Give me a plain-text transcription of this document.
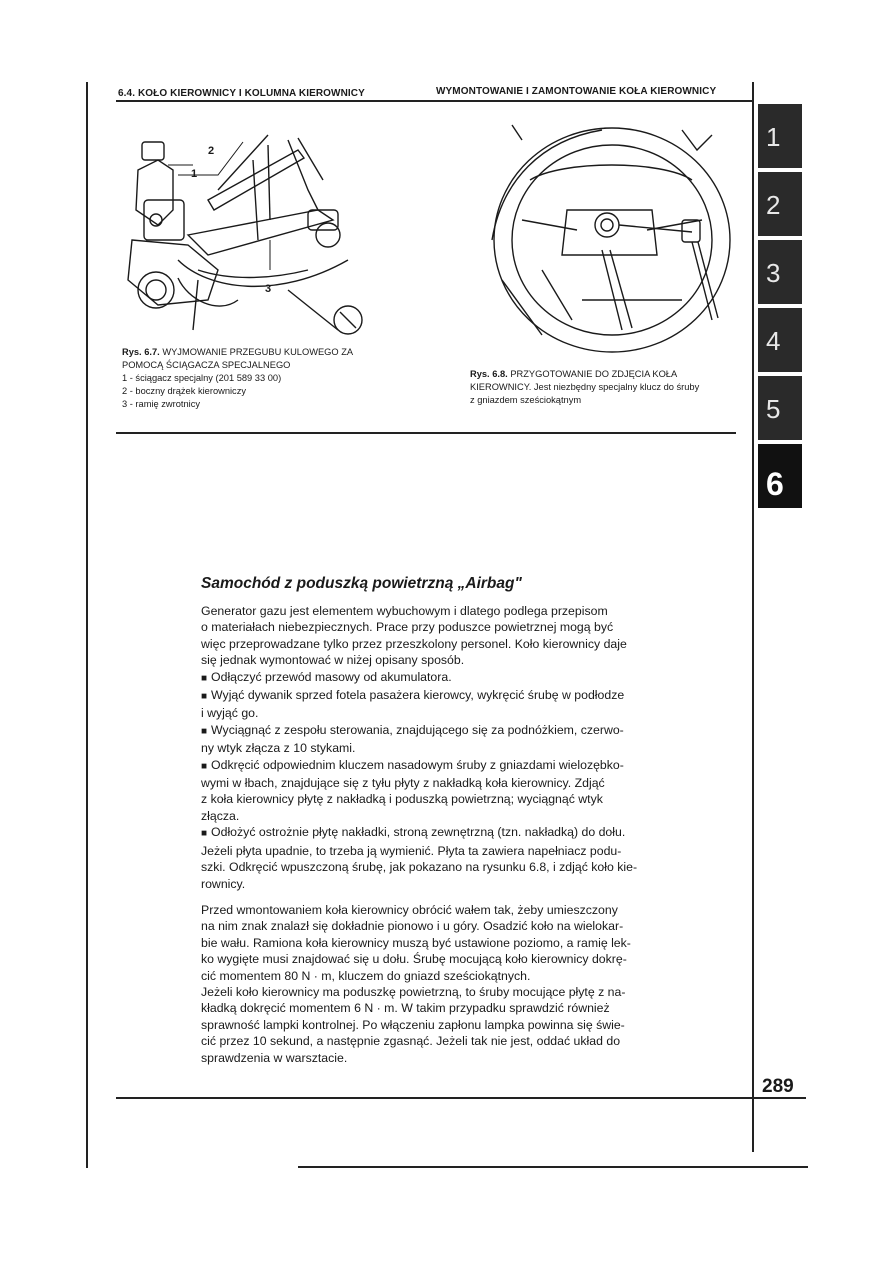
6.4. KOŁO KIEROWNICY I KOLUMNA KIEROWNICY	WYMONTOWANIE I ZAMONTOWANIE KOŁA KIEROWNICY
1
2
3
Rys. 6.7. WYJMOWANIE PRZEGUBU KULOWEGO ZA
POMOCĄ ŚCIĄGACZA SPECJALNEGO
1 - ściągacz specjalny (201 589 33 00)
2 - boczny drążek kierowniczy
3 - ramię zwrotnicy
Rys. 6.8. PRZYGOTOWANIE DO ZDJĘCIA KOŁA
KIEROWNICY. Jest niezbędny specjalny klucz do śruby
z gniazdem sześciokątnym
Samochód z poduszką powietrzną „Airbag"

Generator gazu jest elementem wybuchowym i dlatego podlega przepisom

o materiałach niebezpiecznych. Prace przy poduszce powietrznej mogą być

więc przeprowadzane tylko przez przeszkolony personel. Koło kierownicy daje

się jednak wymontować w niżej opisany sposób.

■ Odłączyć przewód masowy od akumulatora.

■ Wyjąć dywanik sprzed fotela pasażera kierowcy, wykręcić śrubę w podłodze

i wyjąć go.

■ Wyciągnąć z zespołu sterowania, znajdującego się za podnóżkiem, czerwo-

ny wtyk złącza z 10 stykami.

■ Odkręcić odpowiednim kluczem nasadowym śruby z gniazdami wielozębko-

wymi w łbach, znajdujące się z tyłu płyty z nakładką koła kierownicy. Zdjąć

z koła kierownicy płytę z nakładką i poduszką powietrzną; wyciągnąć wtyk

złącza.

■ Odłożyć ostrożnie płytę nakładki, stroną zewnętrzną (tzn. nakładką) do dołu.

Jeżeli płyta upadnie, to trzeba ją wymienić. Płyta ta zawiera napełniacz podu-

szki. Odkręcić wpuszczoną śrubę, jak pokazano na rysunku 6.8, i zdjąć koło kie-

rownicy.

Przed wmontowaniem koła kierownicy obrócić wałem tak, żeby umieszczony

na nim znak znalazł się dokładnie pionowo i u góry. Osadzić koło na wielokar-

bie wału. Ramiona koła kierownicy muszą być ustawione poziomo, a ramię lek-

ko wygięte musi znajdować się u dołu. Śrubę mocującą koło kierownicy dokrę-

cić momentem 80 N · m, kluczem do gniazd sześciokątnych.

Jeżeli koło kierownicy ma poduszkę powietrzną, to śruby mocujące płytę z na-

kładką dokręcić momentem 6 N · m. W takim przypadku sprawdzić również

sprawność lampki kontrolnej. Po włączeniu zapłonu lampka powinna się świe-

cić przez 10 sekund, a następnie zgasnąć. Jeżeli tak nie jest, oddać układ do

sprawdzenia w warsztacie.

1
2
3
4
5
6
289
